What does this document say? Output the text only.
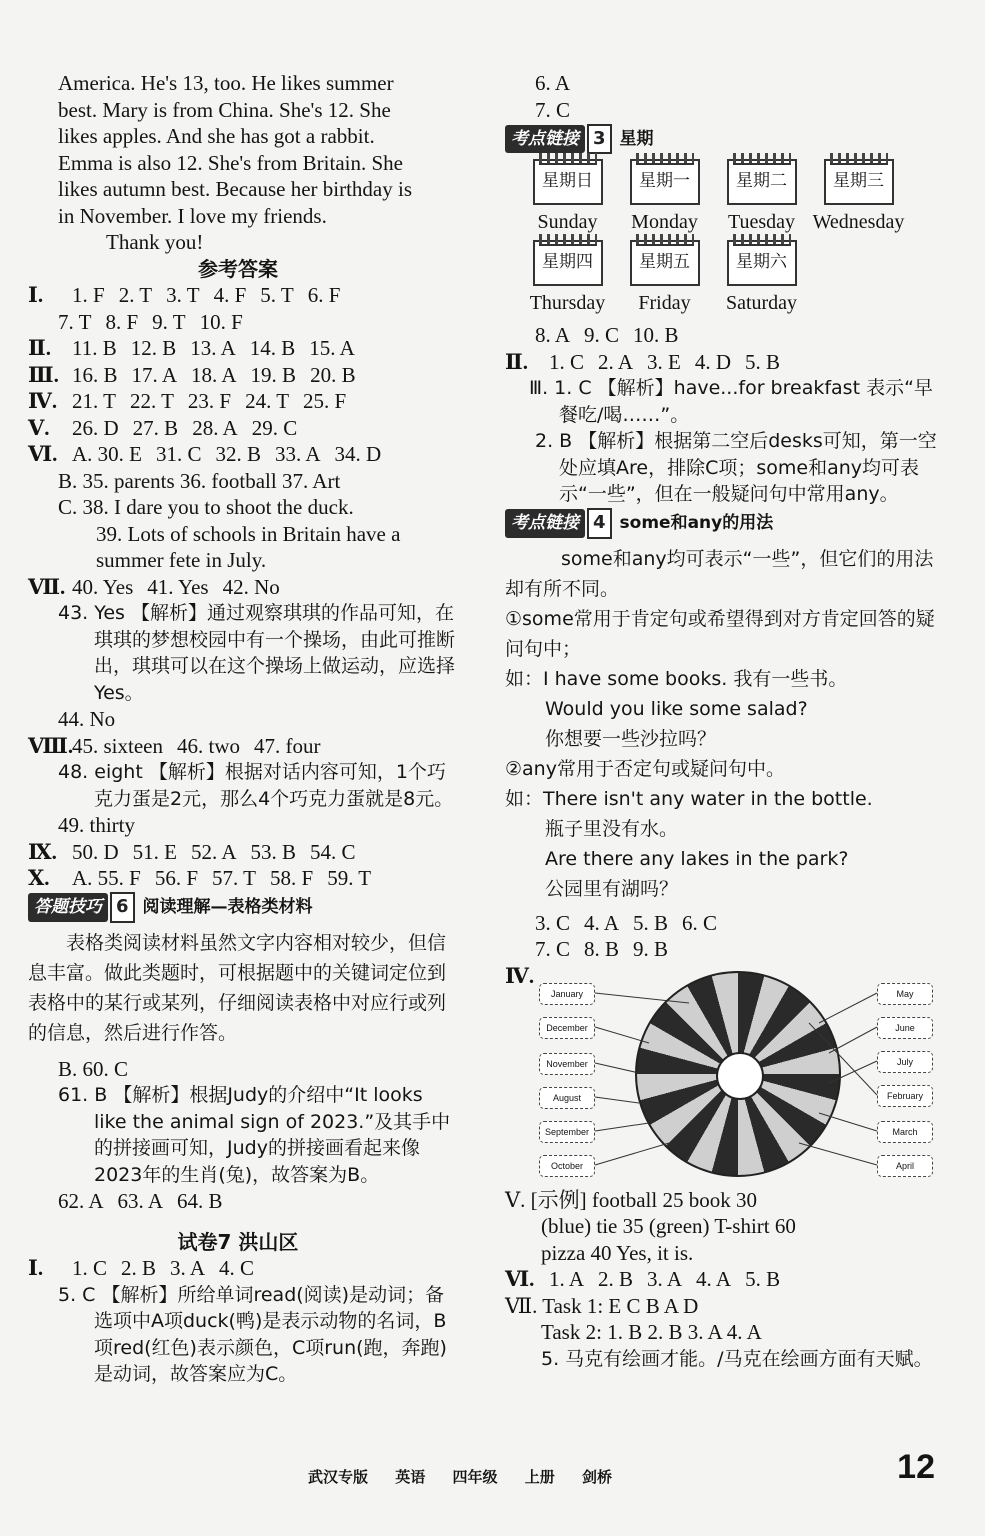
America. He's 13, too. He likes summer
best. Mary is from China. She's 12. She
likes apples. And she has got a rabbit.
Emma is also 12. She's from Britain. She
likes autumn best. Because her birthday is
in November. I love my friends.
Thank you!
参考答案
Ⅰ. 1. F 2. T 3. T 4. F 5. T 6. F
7. T 8. F 9. T 10. F
Ⅱ. 11. B 12. B 13. A 14. B 15. A
Ⅲ. 16. B 17. A 18. A 19. B 20. B
Ⅳ. 21. T 22. T 23. F 24. T 25. F
Ⅴ. 26. D 27. B 28. A 29. C
Ⅵ. A. 30. E 31. C 32. B 33. A 34. D
B. 35. parents 36. football 37. Art
C. 38. I dare you to shoot the duck.
39. Lots of schools in Britain have a summer fete in July.
Ⅶ. 40. Yes 41. Yes 42. No
43. Yes 【解析】通过观察琪琪的作品可知，在琪琪的梦想校园中有一个操场，由此可推断出，琪琪可以在这个操场上做运动，应选择Yes。
44. No
Ⅷ.45. sixteen 46. two 47. four
48. eight 【解析】根据对话内容可知，1个巧克力蛋是2元，那么4个巧克力蛋就是8元。
49. thirty
Ⅸ. 50. D 51. E 52. A 53. B 54. C
Ⅹ. A. 55. F 56. F 57. T 58. F 59. T
答题技巧 6 阅读理解—表格类材料
表格类阅读材料虽然文字内容相对较少，但信息丰富。做此类题时，可根据题中的关键词定位到表格中的某行或某列，仔细阅读表格中对应行或列的信息，然后进行作答。
B. 60. C
61. B 【解析】根据Judy的介绍中“It looks like the animal sign of 2023.”及其手中的拼接画可知，Judy的拼接画看起来像2023年的生肖(兔)，故答案为B。
62. A 63. A 64. B
试卷7 洪山区
Ⅰ. 1. C 2. B 3. A 4. C
5. C 【解析】所给单词read(阅读)是动词；备选项中A项duck(鸭)是表示动物的名词，B项red(红色)表示颜色，C项run(跑，奔跑)是动词，故答案应为C。
6. A
7. C
考点链接 3 星期
星期日
Sunday
星期一
Monday
星期二
Tuesday
星期三
Wednesday
星期四
Thursday
星期五
Friday
星期六
Saturday
8. A 9. C 10. B
Ⅱ. 1. C 2. A 3. E 4. D 5. B
Ⅲ. 1. C 【解析】have...for breakfast 表示“早餐吃/喝……”。
2. B 【解析】根据第二空后desks可知，第一空处应填Are，排除C项；some和any均可表示“一些”，但在一般疑问句中常用any。
考点链接 4 some和any的用法
some和any均可表示“一些”，但它们的用法却有所不同。
①some常用于肯定句或希望得到对方肯定回答的疑问句中；
如：I have some books. 我有一些书。
Would you like some salad?
你想要一些沙拉吗？
②any常用于否定句或疑问句中。
如：There isn't any water in the bottle.
瓶子里没有水。
Are there any lakes in the park?
公园里有湖吗？
3. C 4. A 5. B 6. C
7. C 8. B 9. B
Ⅳ.
January
December
November
August
September
October
May
June
July
February
March
April
Ⅴ. [示例] football 25 book 30
(blue) tie 35 (green) T-shirt 60
pizza 40 Yes, it is.
Ⅵ. 1. A 2. B 3. A 4. A 5. B
Ⅶ. Task 1: E C B A D
Task 2: 1. B 2. B 3. A 4. A
5. 马克有绘画才能。/马克在绘画方面有天赋。
武汉专版 英语 四年级 上册 剑桥	12
